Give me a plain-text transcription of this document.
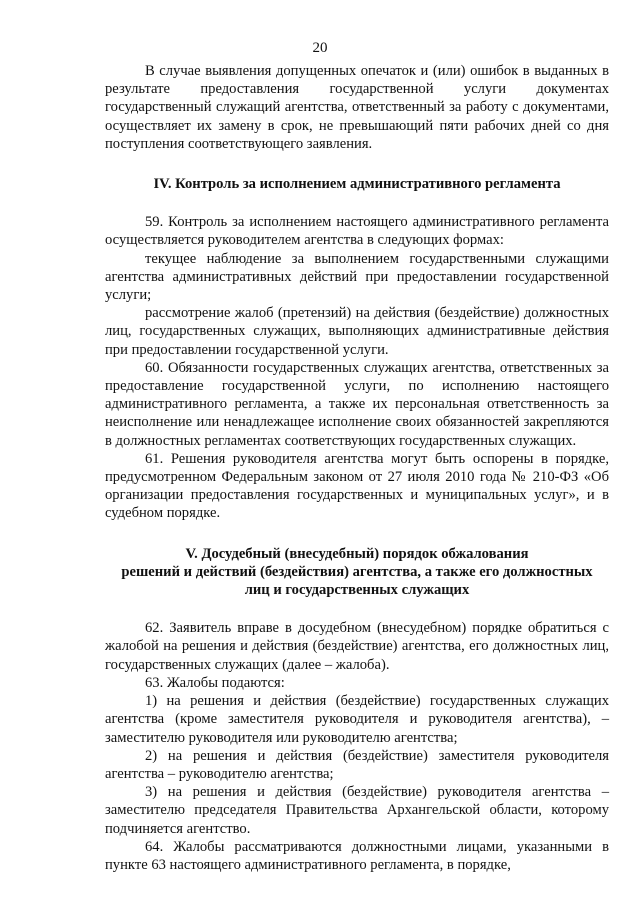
20

В случае выявления допущенных опечаток и (или) ошибок в выданных в результате предоставления государственной услуги документах государственный служащий агентства, ответственный за работу с документами, осуществляет их замену в срок, не превышающий пяти рабочих дней со дня поступления соответствующего заявления.

IV. Контроль за исполнением административного регламента

59. Контроль за исполнением настоящего административного регламента осуществляется руководителем агентства в следующих формах:

текущее наблюдение за выполнением государственными служащими агентства административных действий при предоставлении государственной услуги;

рассмотрение жалоб (претензий) на действия (бездействие) должностных лиц, государственных служащих, выполняющих административные действия при предоставлении государственной услуги.

60. Обязанности государственных служащих агентства, ответственных за предоставление государственной услуги, по исполнению настоящего административного регламента, а также их персональная ответственность за неисполнение или ненадлежащее исполнение своих обязанностей закрепляются в должностных регламентах соответствующих государственных служащих.

61. Решения руководителя агентства могут быть оспорены в порядке, предусмотренном Федеральным законом от 27 июля 2010 года № 210-ФЗ «Об организации предоставления государственных и муниципальных услуг», и в судебном порядке.

V. Досудебный (внесудебный) порядок обжалования
решений и действий (бездействия) агентства, а также его должностных
лиц и государственных служащих

62. Заявитель вправе в досудебном (внесудебном) порядке обратиться с жалобой на решения и действия (бездействие) агентства, его должностных лиц, государственных служащих (далее – жалоба).

63. Жалобы подаются:

1) на решения и действия (бездействие) государственных служащих агентства (кроме заместителя руководителя и руководителя агентства), – заместителю руководителя или руководителю агентства;

2) на решения и действия (бездействие) заместителя руководителя агентства – руководителю агентства;

3) на решения и действия (бездействие) руководителя агентства – заместителю председателя Правительства Архангельской области, которому подчиняется агентство.

64. Жалобы рассматриваются должностными лицами, указанными в пункте 63 настоящего административного регламента, в порядке,
